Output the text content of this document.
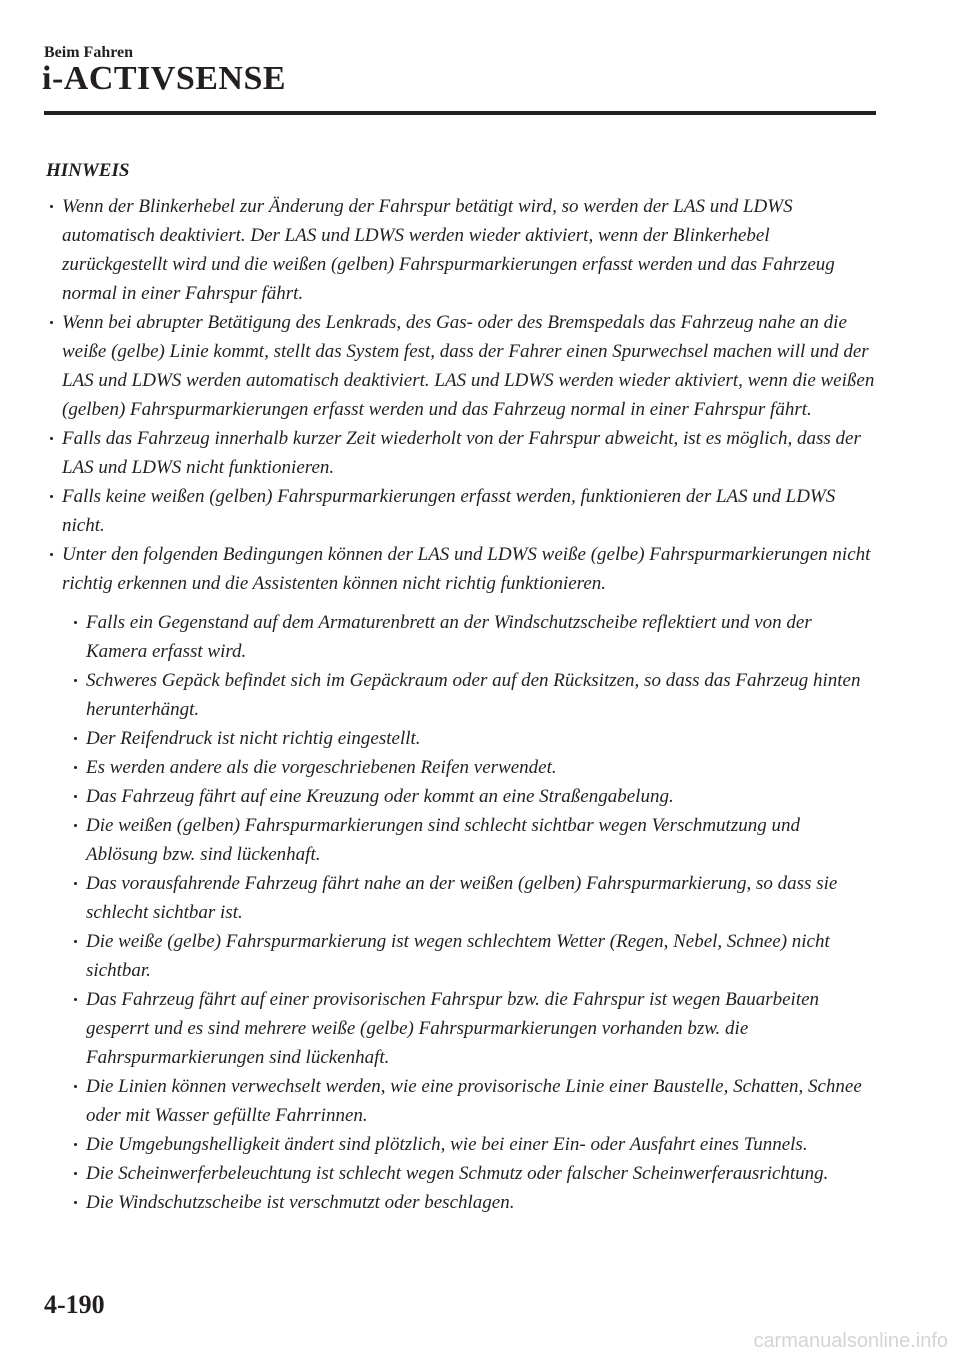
Beim Fahren
i-ACTIVSENSE
HINWEIS
Wenn der Blinkerhebel zur Änderung der Fahrspur betätigt wird, so werden der LAS und LDWS automatisch deaktiviert. Der LAS und LDWS werden wieder aktiviert, wenn der Blinkerhebel zurückgestellt wird und die weißen (gelben) Fahrspurmarkierungen erfasst werden und das Fahrzeug normal in einer Fahrspur fährt.
Wenn bei abrupter Betätigung des Lenkrads, des Gas- oder des Bremspedals das Fahrzeug nahe an die weiße (gelbe) Linie kommt, stellt das System fest, dass der Fahrer einen Spurwechsel machen will und der LAS und LDWS werden automatisch deaktiviert. LAS und LDWS werden wieder aktiviert, wenn die weißen (gelben) Fahrspurmarkierungen erfasst werden und das Fahrzeug normal in einer Fahrspur fährt.
Falls das Fahrzeug innerhalb kurzer Zeit wiederholt von der Fahrspur abweicht, ist es möglich, dass der LAS und LDWS nicht funktionieren.
Falls keine weißen (gelben) Fahrspurmarkierungen erfasst werden, funktionieren der LAS und LDWS nicht.
Unter den folgenden Bedingungen können der LAS und LDWS weiße (gelbe) Fahrspurmarkierungen nicht richtig erkennen und die Assistenten können nicht richtig funktionieren.
Falls ein Gegenstand auf dem Armaturenbrett an der Windschutzscheibe reflektiert und von der Kamera erfasst wird.
Schweres Gepäck befindet sich im Gepäckraum oder auf den Rücksitzen, so dass das Fahrzeug hinten herunterhängt.
Der Reifendruck ist nicht richtig eingestellt.
Es werden andere als die vorgeschriebenen Reifen verwendet.
Das Fahrzeug fährt auf eine Kreuzung oder kommt an eine Straßengabelung.
Die weißen (gelben) Fahrspurmarkierungen sind schlecht sichtbar wegen Verschmutzung und Ablösung bzw. sind lückenhaft.
Das vorausfahrende Fahrzeug fährt nahe an der weißen (gelben) Fahrspurmarkierung, so dass sie schlecht sichtbar ist.
Die weiße (gelbe) Fahrspurmarkierung ist wegen schlechtem Wetter (Regen, Nebel, Schnee) nicht sichtbar.
Das Fahrzeug fährt auf einer provisorischen Fahrspur bzw. die Fahrspur ist wegen Bauarbeiten gesperrt und es sind mehrere weiße (gelbe) Fahrspurmarkierungen vorhanden bzw. die Fahrspurmarkierungen sind lückenhaft.
Die Linien können verwechselt werden, wie eine provisorische Linie einer Baustelle, Schatten, Schnee oder mit Wasser gefüllte Fahrrinnen.
Die Umgebungshelligkeit ändert sind plötzlich, wie bei einer Ein- oder Ausfahrt eines Tunnels.
Die Scheinwerferbeleuchtung ist schlecht wegen Schmutz oder falscher Scheinwerferausrichtung.
Die Windschutzscheibe ist verschmutzt oder beschlagen.
4-190
carmanualsonline.info
